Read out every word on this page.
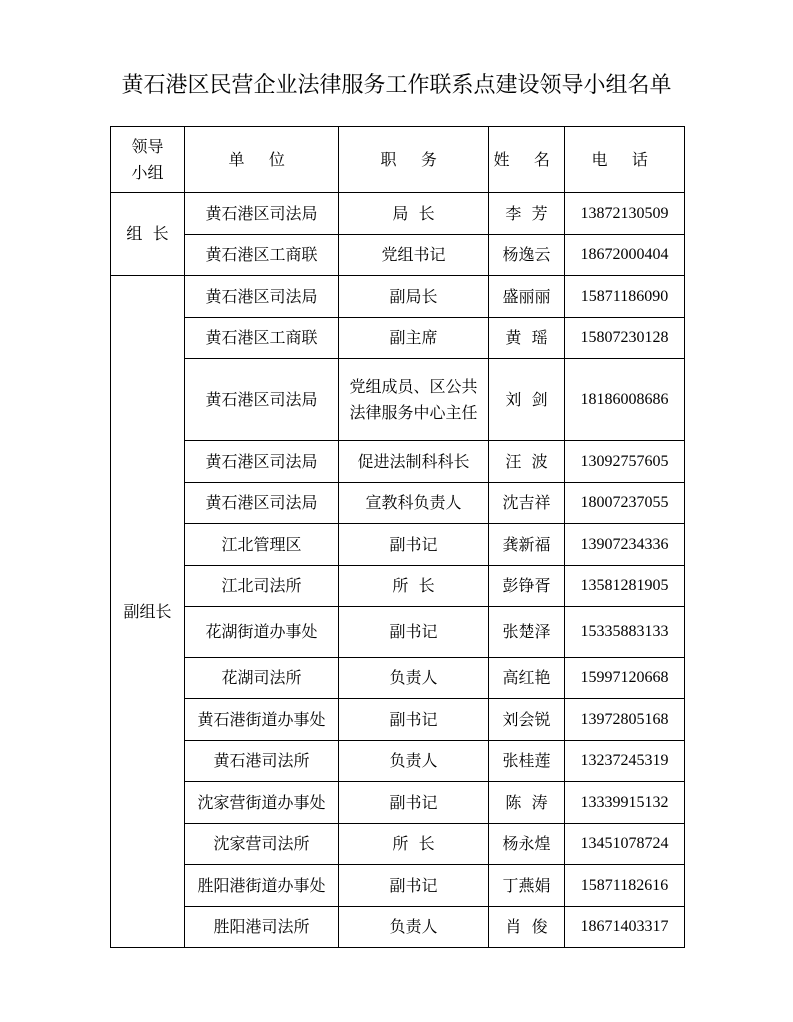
黄石港区民营企业法律服务工作联系点建设领导小组名单
领导
小组	单 位	职 务	姓 名	电 话
组  长	黄石港区司法局	局  长	李  芳	13872130509
	黄石港区工商联	党组书记	杨逸云	18672000404
副组长	黄石港区司法局	副局长	盛丽丽	15871186090
	黄石港区工商联	副主席	黄  瑶	15807230128
	黄石港区司法局	党组成员、区公共
法律服务中心主任	刘  剑	18186008686
	黄石港区司法局	促进法制科科长	汪  波	13092757605
	黄石港区司法局	宣教科负责人	沈吉祥	18007237055
	江北管理区	副书记	龚新福	13907234336
	江北司法所	所  长	彭铮胥	13581281905
	花湖街道办事处	副书记	张楚泽	15335883133
	花湖司法所	负责人	高红艳	15997120668
	黄石港街道办事处	副书记	刘会锐	13972805168
	黄石港司法所	负责人	张桂莲	13237245319
	沈家营街道办事处	副书记	陈  涛	13339915132
	沈家营司法所	所  长	杨永煌	13451078724
	胜阳港街道办事处	副书记	丁燕娟	15871182616
	胜阳港司法所	负责人	肖  俊	18671403317
